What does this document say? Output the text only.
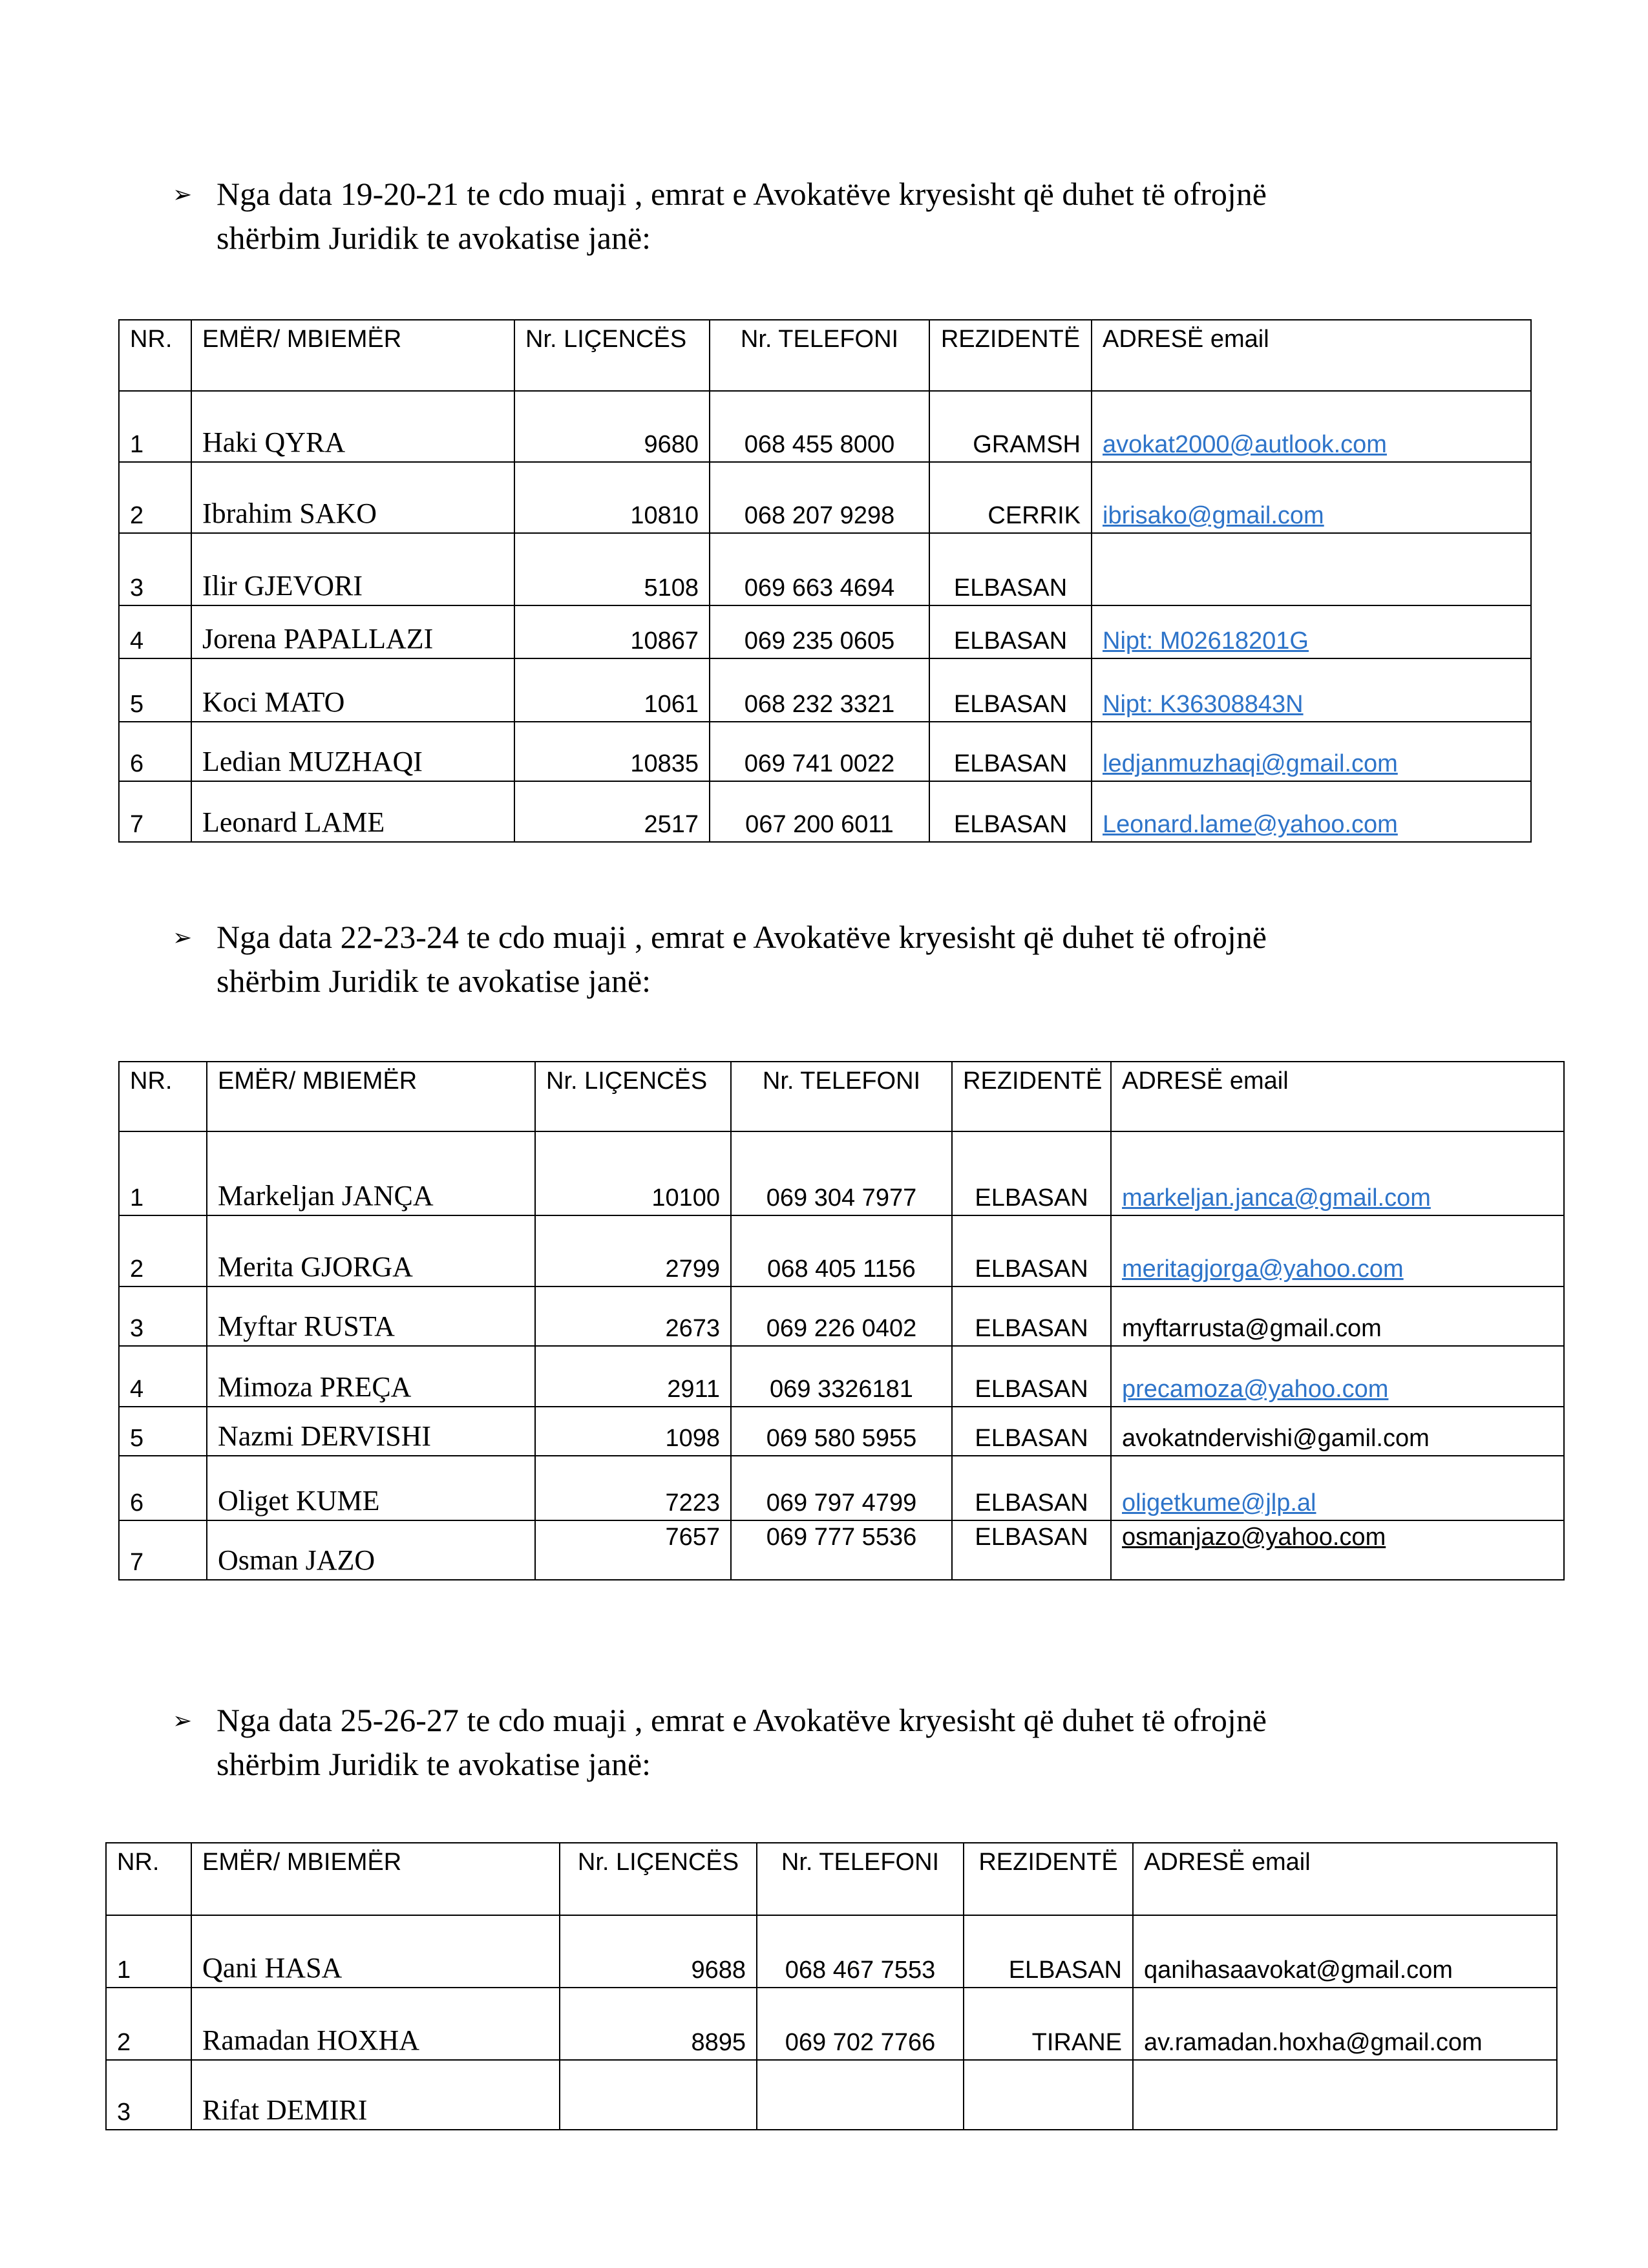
➢ Nga data 19-20-21 te cdo muaji , emrat e Avokatëve kryesisht që duhet të ofrojnë
shërbim Juridik te avokatise janë:
NR.	EMËR/ MBIEMËR	Nr. LIÇENCËS	Nr. TELEFONI	REZIDENTË	ADRESË email
1	Haki QYRA	9680	068 455 8000	GRAMSH	avokat2000@autlook.com
2	Ibrahim SAKO	10810	068 207 9298	CERRIK	ibrisako@gmail.com
3	Ilir GJEVORI	5108	069 663 4694	ELBASAN	
4	Jorena PAPALLAZI	10867	069 235 0605	ELBASAN	Nipt: M02618201G
5	Koci MATO	1061	068 232 3321	ELBASAN	Nipt: K36308843N
6	Ledian MUZHAQI	10835	069 741 0022	ELBASAN	ledjanmuzhaqi@gmail.com
7	Leonard LAME	2517	067 200 6011	ELBASAN	Leonard.lame@yahoo.com
➢ Nga data 22-23-24 te cdo muaji , emrat e Avokatëve kryesisht që duhet të ofrojnë
shërbim Juridik te avokatise janë:
NR.	EMËR/ MBIEMËR	Nr. LIÇENCËS	Nr. TELEFONI	REZIDENTË	ADRESË email
1	Markeljan JANÇA	10100	069 304 7977	ELBASAN	markeljan.janca@gmail.com
2	Merita GJORGA	2799	068 405 1156	ELBASAN	meritagjorga@yahoo.com
3	Myftar RUSTA	2673	069 226 0402	ELBASAN	myftarrusta@gmail.com
4	Mimoza PREÇA	2911	069 3326181	ELBASAN	precamoza@yahoo.com
5	Nazmi DERVISHI	1098	069 580 5955	ELBASAN	avokatndervishi@gamil.com
6	Oliget KUME	7223	069 797 4799	ELBASAN	oligetkume@jlp.al
7	Osman JAZO	7657	069 777 5536	ELBASAN	osmanjazo@yahoo.com
➢ Nga data 25-26-27 te cdo muaji , emrat e Avokatëve kryesisht që duhet të ofrojnë
shërbim Juridik te avokatise janë:
NR.	EMËR/ MBIEMËR	Nr. LIÇENCËS	Nr. TELEFONI	REZIDENTË	ADRESË email
1	Qani HASA	9688	068 467 7553	ELBASAN	qanihasaavokat@gmail.com
2	Ramadan HOXHA	8895	069 702 7766	TIRANE	av.ramadan.hoxha@gmail.com
3	Rifat DEMIRI				
